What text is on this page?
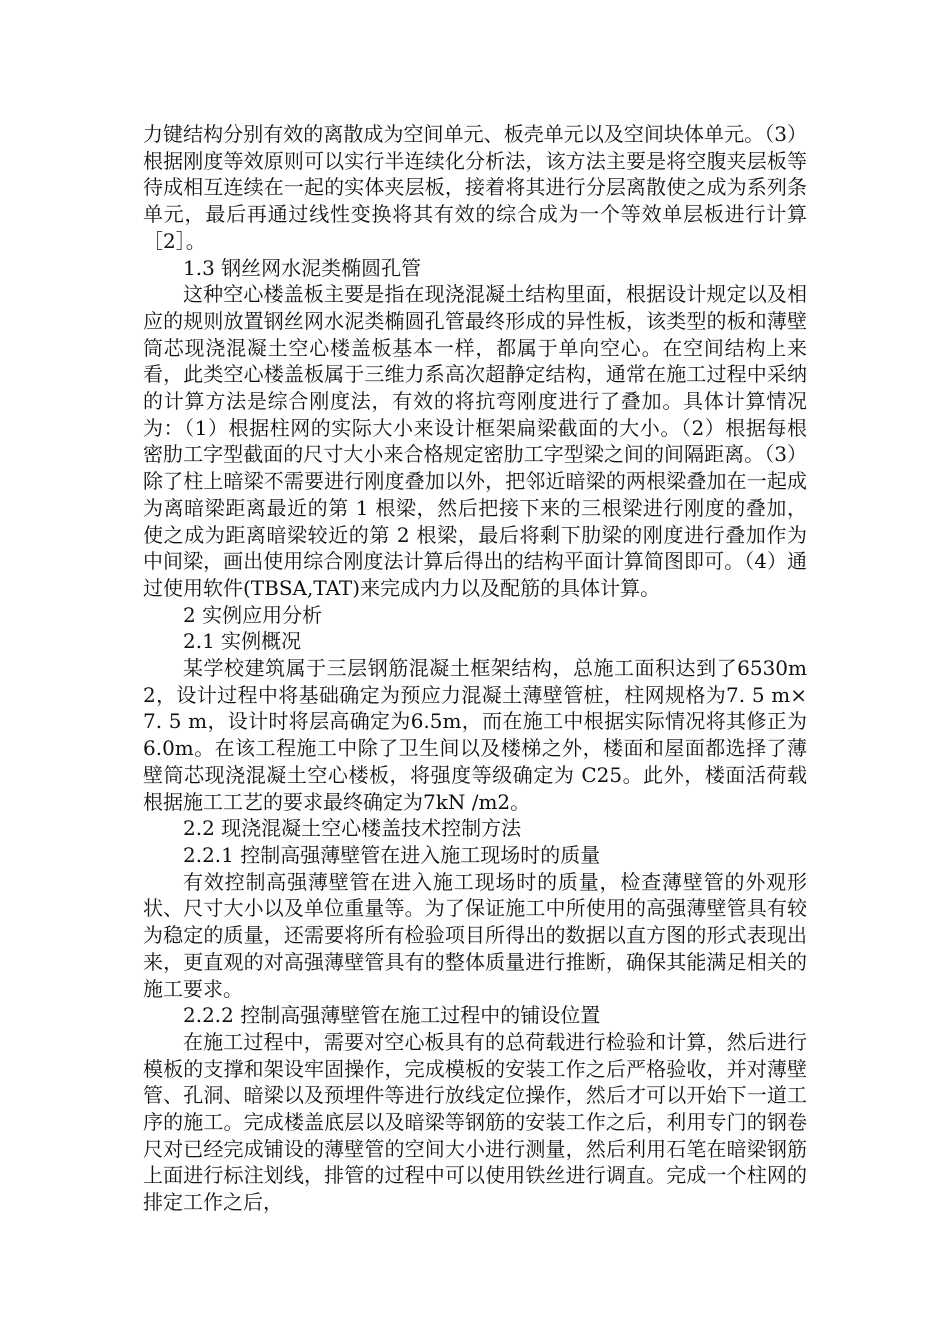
力键结构分别有效的离散成为空间单元、板壳单元以及空间块体单元。（3）根据刚度等效原则可以实行半连续化分析法，该方法主要是将空腹夹层板等待成相互连续在一起的实体夹层板，接着将其进行分层离散使之成为系列条单元，最后再通过线性变换将其有效的综合成为一个等效单层板进行计算［2］。

1.3 钢丝网水泥类椭圆孔管

这种空心楼盖板主要是指在现浇混凝土结构里面，根据设计规定以及相应的规则放置钢丝网水泥类椭圆孔管最终形成的异性板，该类型的板和薄壁筒芯现浇混凝土空心楼盖板基本一样，都属于单向空心。在空间结构上来看，此类空心楼盖板属于三维力系高次超静定结构，通常在施工过程中采纳的计算方法是综合刚度法，有效的将抗弯刚度进行了叠加。具体计算情况为：（1）根据柱网的实际大小来设计框架扁梁截面的大小。（2）根据每根密肋工字型截面的尺寸大小来合格规定密肋工字型梁之间的间隔距离。（3）除了柱上暗梁不需要进行刚度叠加以外，把邻近暗梁的两根梁叠加在一起成为离暗梁距离最近的第 1 根梁，然后把接下来的三根梁进行刚度的叠加，使之成为距离暗梁较近的第 2 根梁，最后将剩下肋梁的刚度进行叠加作为中间梁，画出使用综合刚度法计算后得出的结构平面计算简图即可。（4）通过使用软件(TBSA,TAT)来完成内力以及配筋的具体计算。

2 实例应用分析

2.1 实例概况

某学校建筑属于三层钢筋混凝土框架结构，总施工面积达到了6530m2，设计过程中将基础确定为预应力混凝土薄壁管桩，柱网规格为7. 5 m×7. 5 m，设计时将层高确定为6.5m，而在施工中根据实际情况将其修正为6.0m。在该工程施工中除了卫生间以及楼梯之外，楼面和屋面都选择了薄壁筒芯现浇混凝土空心楼板，将强度等级确定为 C25。此外，楼面活荷载根据施工工艺的要求最终确定为7kN /m2。

2.2 现浇混凝土空心楼盖技术控制方法

2.2.1 控制高强薄壁管在进入施工现场时的质量

有效控制高强薄壁管在进入施工现场时的质量，检查薄壁管的外观形状、尺寸大小以及单位重量等。为了保证施工中所使用的高强薄壁管具有较为稳定的质量，还需要将所有检验项目所得出的数据以直方图的形式表现出来，更直观的对高强薄壁管具有的整体质量进行推断，确保其能满足相关的施工要求。

2.2.2 控制高强薄壁管在施工过程中的铺设位置

在施工过程中，需要对空心板具有的总荷载进行检验和计算，然后进行模板的支撑和架设牢固操作，完成模板的安装工作之后严格验收，并对薄壁管、孔洞、暗梁以及预埋件等进行放线定位操作，然后才可以开始下一道工序的施工。完成楼盖底层以及暗梁等钢筋的安装工作之后，利用专门的钢卷尺对已经完成铺设的薄壁管的空间大小进行测量，然后利用石笔在暗梁钢筋上面进行标注划线，排管的过程中可以使用铁丝进行调直。完成一个柱网的排定工作之后，
